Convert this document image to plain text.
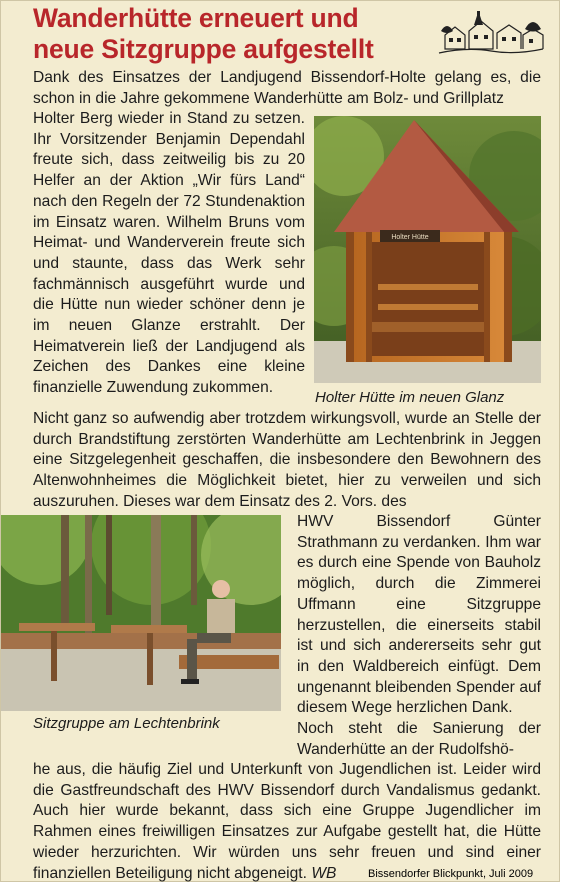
Wanderhütte erneuert und
neue Sitzgruppe aufgestellt

Dank des Einsatzes der Landjugend Bissendorf-Holte gelang es, die schon in die Jahre gekommene Wanderhütte am Bolz- und Grillplatz

Holter Berg wieder in Stand zu setzen. Ihr Vorsitzender Benjamin Dependahl freute sich, dass zeitweilig bis zu 20 Helfer an der Aktion „Wir fürs Land“ nach den Regeln der 72 Stundenaktion im Einsatz waren. Wilhelm Bruns vom Heimat- und Wanderverein freute sich und staunte, dass das Werk sehr fachmännisch ausgeführt wurde und die Hütte nun wieder schöner denn je im neuen Glanze erstrahlt. Der Heimatverein ließ der Landjugend als Zeichen des Dankes eine kleine finanzielle Zuwendung zukommen.

Holter Hütte

Holter Hütte im neuen Glanz

Nicht ganz so aufwendig aber trotzdem wirkungsvoll, wurde an Stelle der durch Brandstiftung zerstörten Wanderhütte am Lechtenbrink in Jeggen eine Sitzgelegenheit geschaffen, die insbesondere den Bewohnern des Altenwohnheimes die Möglichkeit bietet, hier zu verweilen und sich auszuruhen. Dieses war dem Einsatz des 2. Vors. des

Sitzgruppe am Lechtenbrink

HWV Bissendorf Günter Strathmann zu verdanken. Ihm war es durch eine Spende von Bauholz möglich, durch die Zimmerei Uffmann eine Sitzgruppe herzustellen, die einerseits stabil ist und sich andererseits sehr gut in den Waldbereich einfügt. Dem ungenannt bleibenden Spender auf diesem Wege herzlichen Dank.

Noch steht die Sanierung der Wanderhütte an der Rudolfshö-

he aus, die häufig Ziel und Unterkunft von Jugendlichen ist. Leider wird die Gastfreundschaft des HWV Bissendorf durch Vandalismus gedankt. Auch hier wurde bekannt, dass sich eine Gruppe Jugendlicher im Rahmen eines freiwilligen Einsatzes zur Aufgabe gestellt hat, die Hütte wieder herzurichten. Wir würden uns sehr freuen und sind einer finanziellen Beteiligung nicht abgeneigt. WB	Bissendorfer Blickpunkt, Juli 2009
